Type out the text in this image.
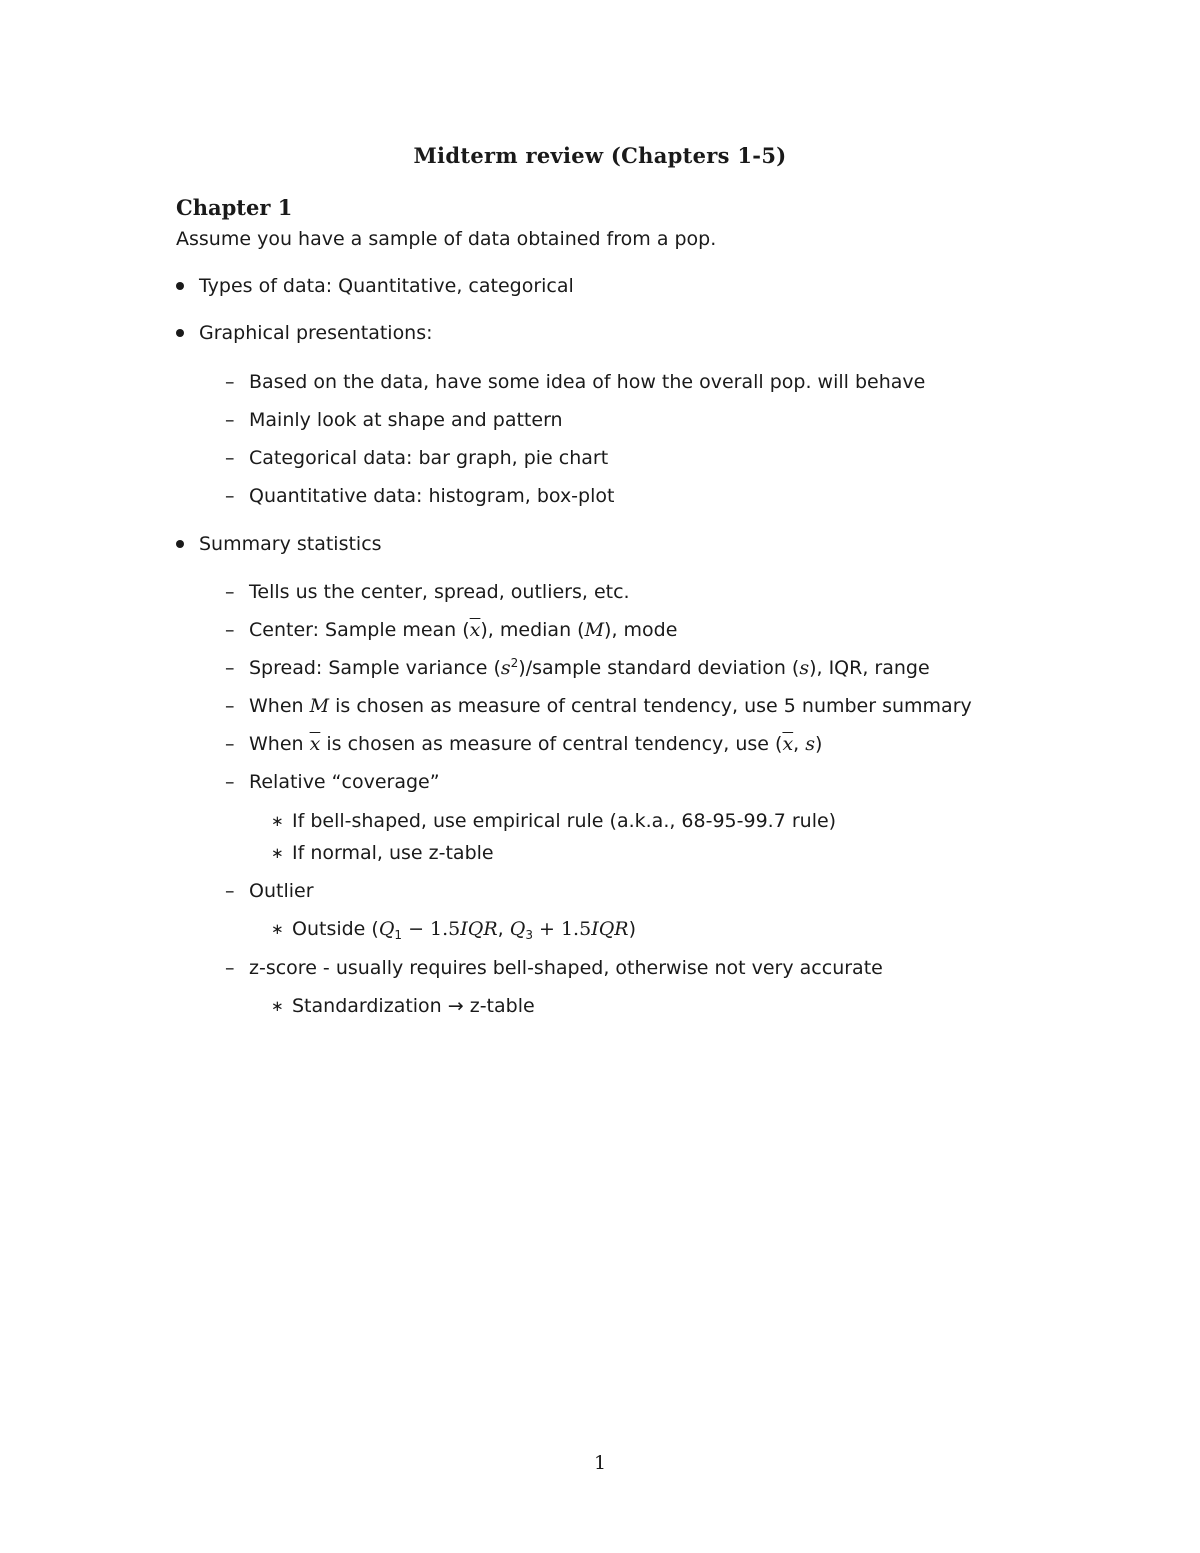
Midterm review (Chapters 1-5)
Chapter 1
Assume you have a sample of data obtained from a pop.
Types of data: Quantitative, categorical
Graphical presentations:
– Based on the data, have some idea of how the overall pop. will behave
– Mainly look at shape and pattern
– Categorical data: bar graph, pie chart
– Quantitative data: histogram, box-plot
Summary statistics
– Tells us the center, spread, outliers, etc.
– Center: Sample mean $(\overline{x})$, median (M), mode
– Spread: Sample variance $(s^2)$/sample standard deviation (s), IQR, range
– When M is chosen as measure of central tendency, use 5 number summary
– When $\overline{x}$ is chosen as measure of central tendency, use ($\overline{x}$, s)
– Relative “coverage”
∗ If bell-shaped, use empirical rule (a.k.a., 68-95-99.7 rule)
∗ If normal, use z-table
– Outlier
∗ Outside ($Q_1 - 1.5IQR$, $Q_3 + 1.5IQR$)
– z-score - usually requires bell-shaped, otherwise not very accurate
∗ Standardization → z-table
1
